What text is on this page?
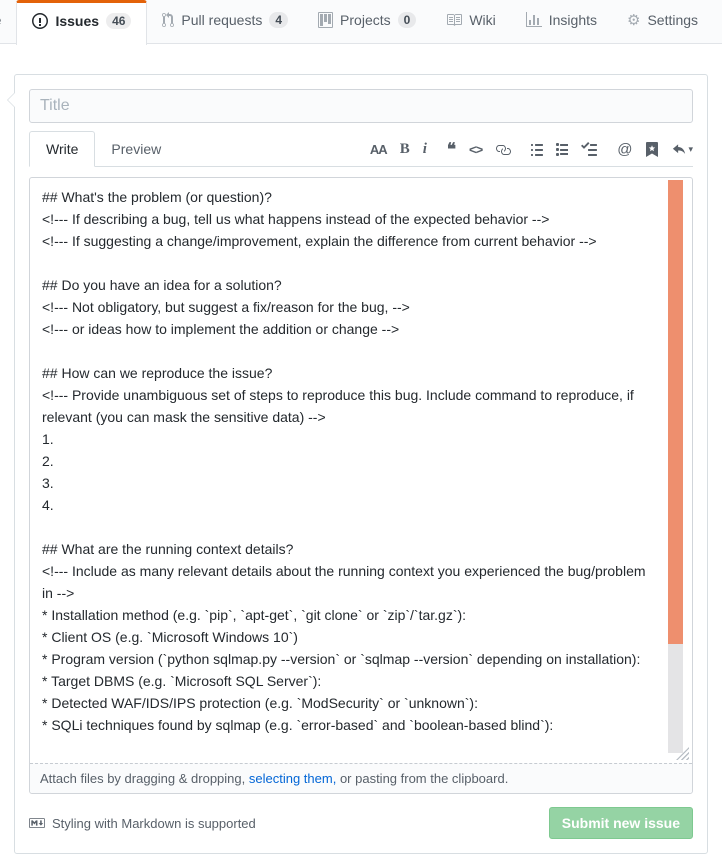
Issues	46	Pull requests	4	Projects	0	Wiki	Insights ⚙ Settings
Title
Write	Preview	AA B i ❝ <>	@	▾
## What's the problem (or question)? <!--- If describing a bug, tell us what happens instead of the expected behavior --> <!--- If suggesting a change/improvement, explain the difference from current behavior --> ## Do you have an idea for a solution? <!--- Not obligatory, but suggest a fix/reason for the bug, --> <!--- or ideas how to implement the addition or change --> ## How can we reproduce the issue? <!--- Provide unambiguous set of steps to reproduce this bug. Include command to reproduce, if relevant (you can mask the sensitive data) --> 1. 2. 3. 4. ## What are the running context details? <!--- Include as many relevant details about the running context you experienced the bug/problem in --> * Installation method (e.g. `pip`, `apt-get`, `git clone` or `zip`/`tar.gz`): * Client OS (e.g. `Microsoft Windows 10`) * Program version (`python sqlmap.py --version` or `sqlmap --version` depending on installation): * Target DBMS (e.g. `Microsoft SQL Server`): * Detected WAF/IDS/IPS protection (e.g. `ModSecurity` or `unknown`): * SQLi techniques found by sqlmap (e.g. `error-based` and `boolean-based blind`):
Attach files by dragging & dropping, selecting them, or pasting from the clipboard.
Styling with Markdown is supported	Submit new issue
